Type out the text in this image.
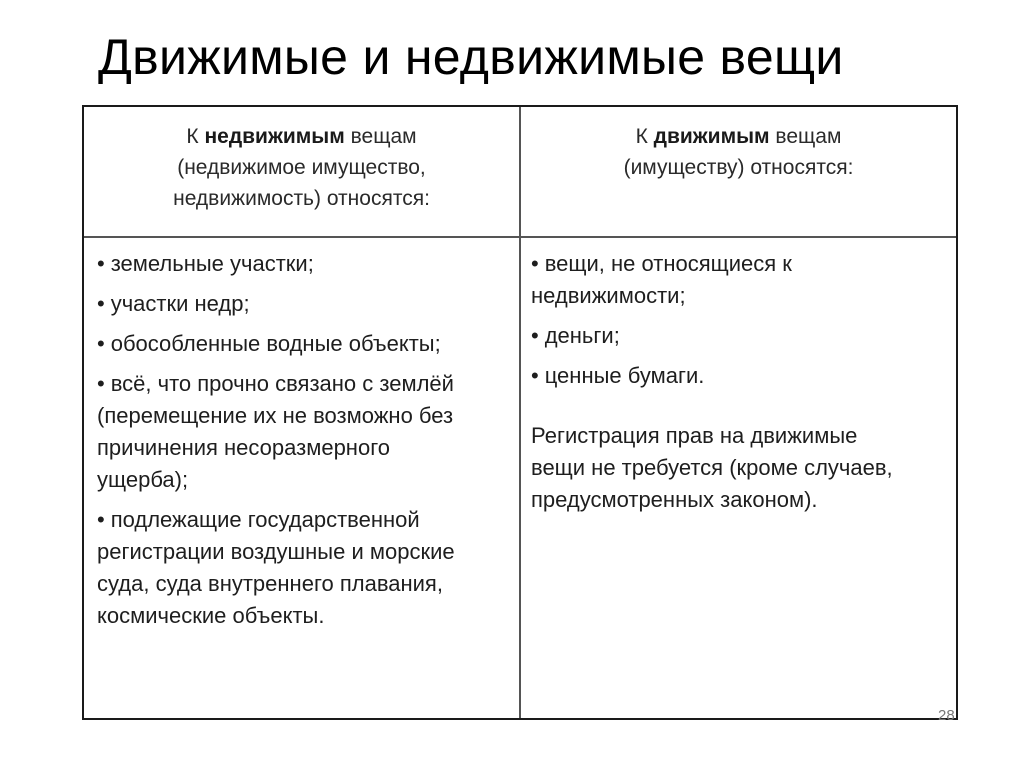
Движимые и недвижимые вещи
К недвижимым вещам
(недвижимое имущество,
недвижимость) относятся:
К движимым вещам
(имуществу) относятся:
• земельные участки;
• участки недр;
• обособленные водные объекты;
• всё, что прочно связано с землёй (перемещение их не возможно без причинения несоразмерного ущерба);
• подлежащие государственной регистрации воздушные и морские суда, суда внутреннего плавания, космические объекты.
• вещи, не относящиеся к недвижимости;
• деньги;
• ценные бумаги.
Регистрация прав на движимые вещи не требуется (кроме случаев, предусмотренных законом).
28
